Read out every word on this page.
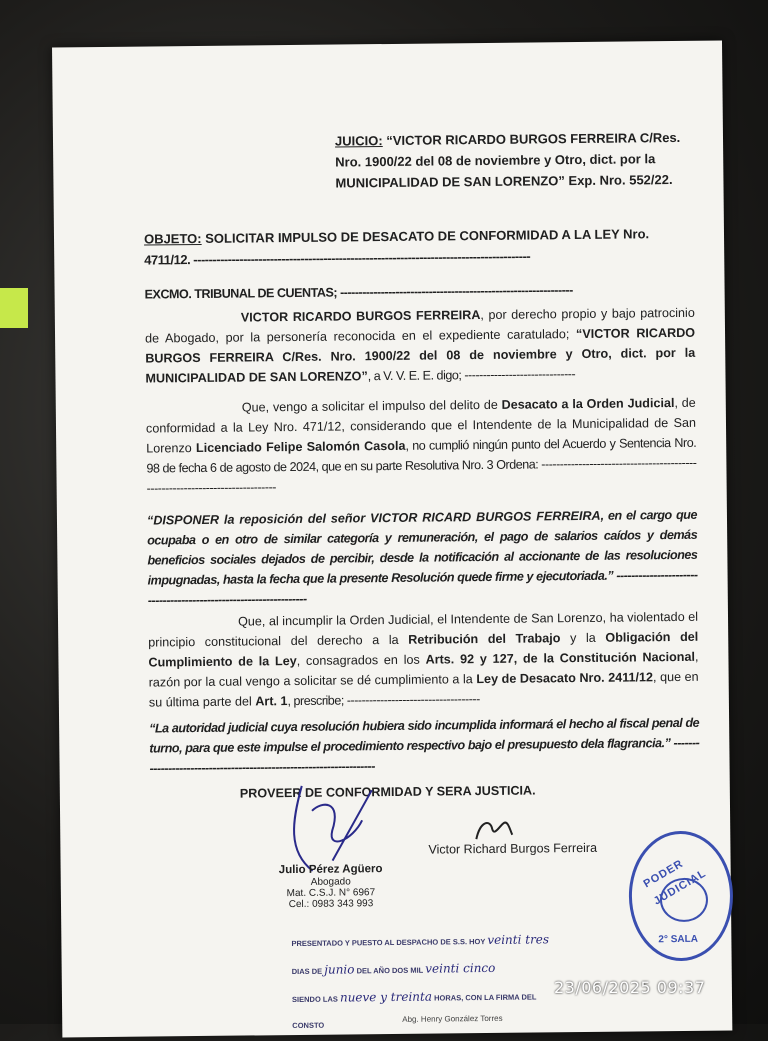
JUICIO: “VICTOR RICARDO BURGOS FERREIRA C/Res.

Nro. 1900/22 del 08 de noviembre y Otro, dict. por la

MUNICIPALIDAD DE SAN LORENZO” Exp. Nro. 552/22.

OBJETO: SOLICITAR IMPULSO DE DESACATO DE CONFORMIDAD A LA LEY Nro.

4711/12. ----------------------------------------------------------------------------------------

EXCMO. TRIBUNAL DE CUENTAS; ---------------------------------------------------------------

VICTOR RICARDO BURGOS FERREIRA, por derecho propio y bajo patrocinio de Abogado, por la personería reconocida en el expediente caratulado; “VICTOR RICARDO BURGOS FERREIRA C/Res. Nro. 1900/22 del 08 de noviembre y Otro, dict. por la MUNICIPALIDAD DE SAN LORENZO”, a V. V. E. E. digo; ------------------------------

Que, vengo a solicitar el impulso del delito de Desacato a la Orden Judicial, de conformidad a la Ley Nro. 471/12, considerando que el Intendente de la Municipalidad de San Lorenzo Licenciado Felipe Salomón Casola, no cumplió ningún punto del Acuerdo y Sentencia Nro. 98 de fecha 6 de agosto de 2024, que en su parte Resolutiva Nro. 3 Ordena: -----------------------------------------------------------------------------

“DISPONER la reposición del señor VICTOR RICARD BURGOS FERREIRA, en el cargo que ocupaba o en otro de similar categoría y remuneración, el pago de salarios caídos y demás beneficios sociales dejados de percibir, desde la notificación al accionante de las resoluciones impugnadas, hasta la fecha que la presente Resolución quede firme y ejecutoriada.” -----------------------------------------------------------------

Que, al incumplir la Orden Judicial, el Intendente de San Lorenzo, ha violentado el principio constitucional del derecho a la Retribución del Trabajo y la Obligación del Cumplimiento de la Ley, consagrados en los Arts. 92 y 127, de la Constitución Nacional, razón por la cual vengo a solicitar se dé cumplimiento a la Ley de Desacato Nro. 2411/12, que en su última parte del Art. 1, prescribe; ------------------------------------

“La autoridad judicial cuya resolución hubiera sido incumplida informará el hecho al fiscal penal de turno, para que este impulse el procedimiento respectivo bajo el presupuesto dela flagrancia.” --------------------------------------------------------------------
PROVEER DE CONFORMIDAD Y SERA JUSTICIA.
Julio Pérez Agüero
Abogado
Mat. C.S.J. N° 6967
Cel.: 0983 343 993
Victor Richard Burgos Ferreira
PRESENTADO Y PUESTO AL DESPACHO DE S.S. HOY veinti tres
DIAS DE junio DEL AÑO DOS MIL veinti cinco
SIENDO LAS nueve y treinta HORAS, CON LA FIRMA DEL
CONSTO
Abg. Henry González Torres
PODER JUDICIAL
2° SALA
23/06/2025 09:37
